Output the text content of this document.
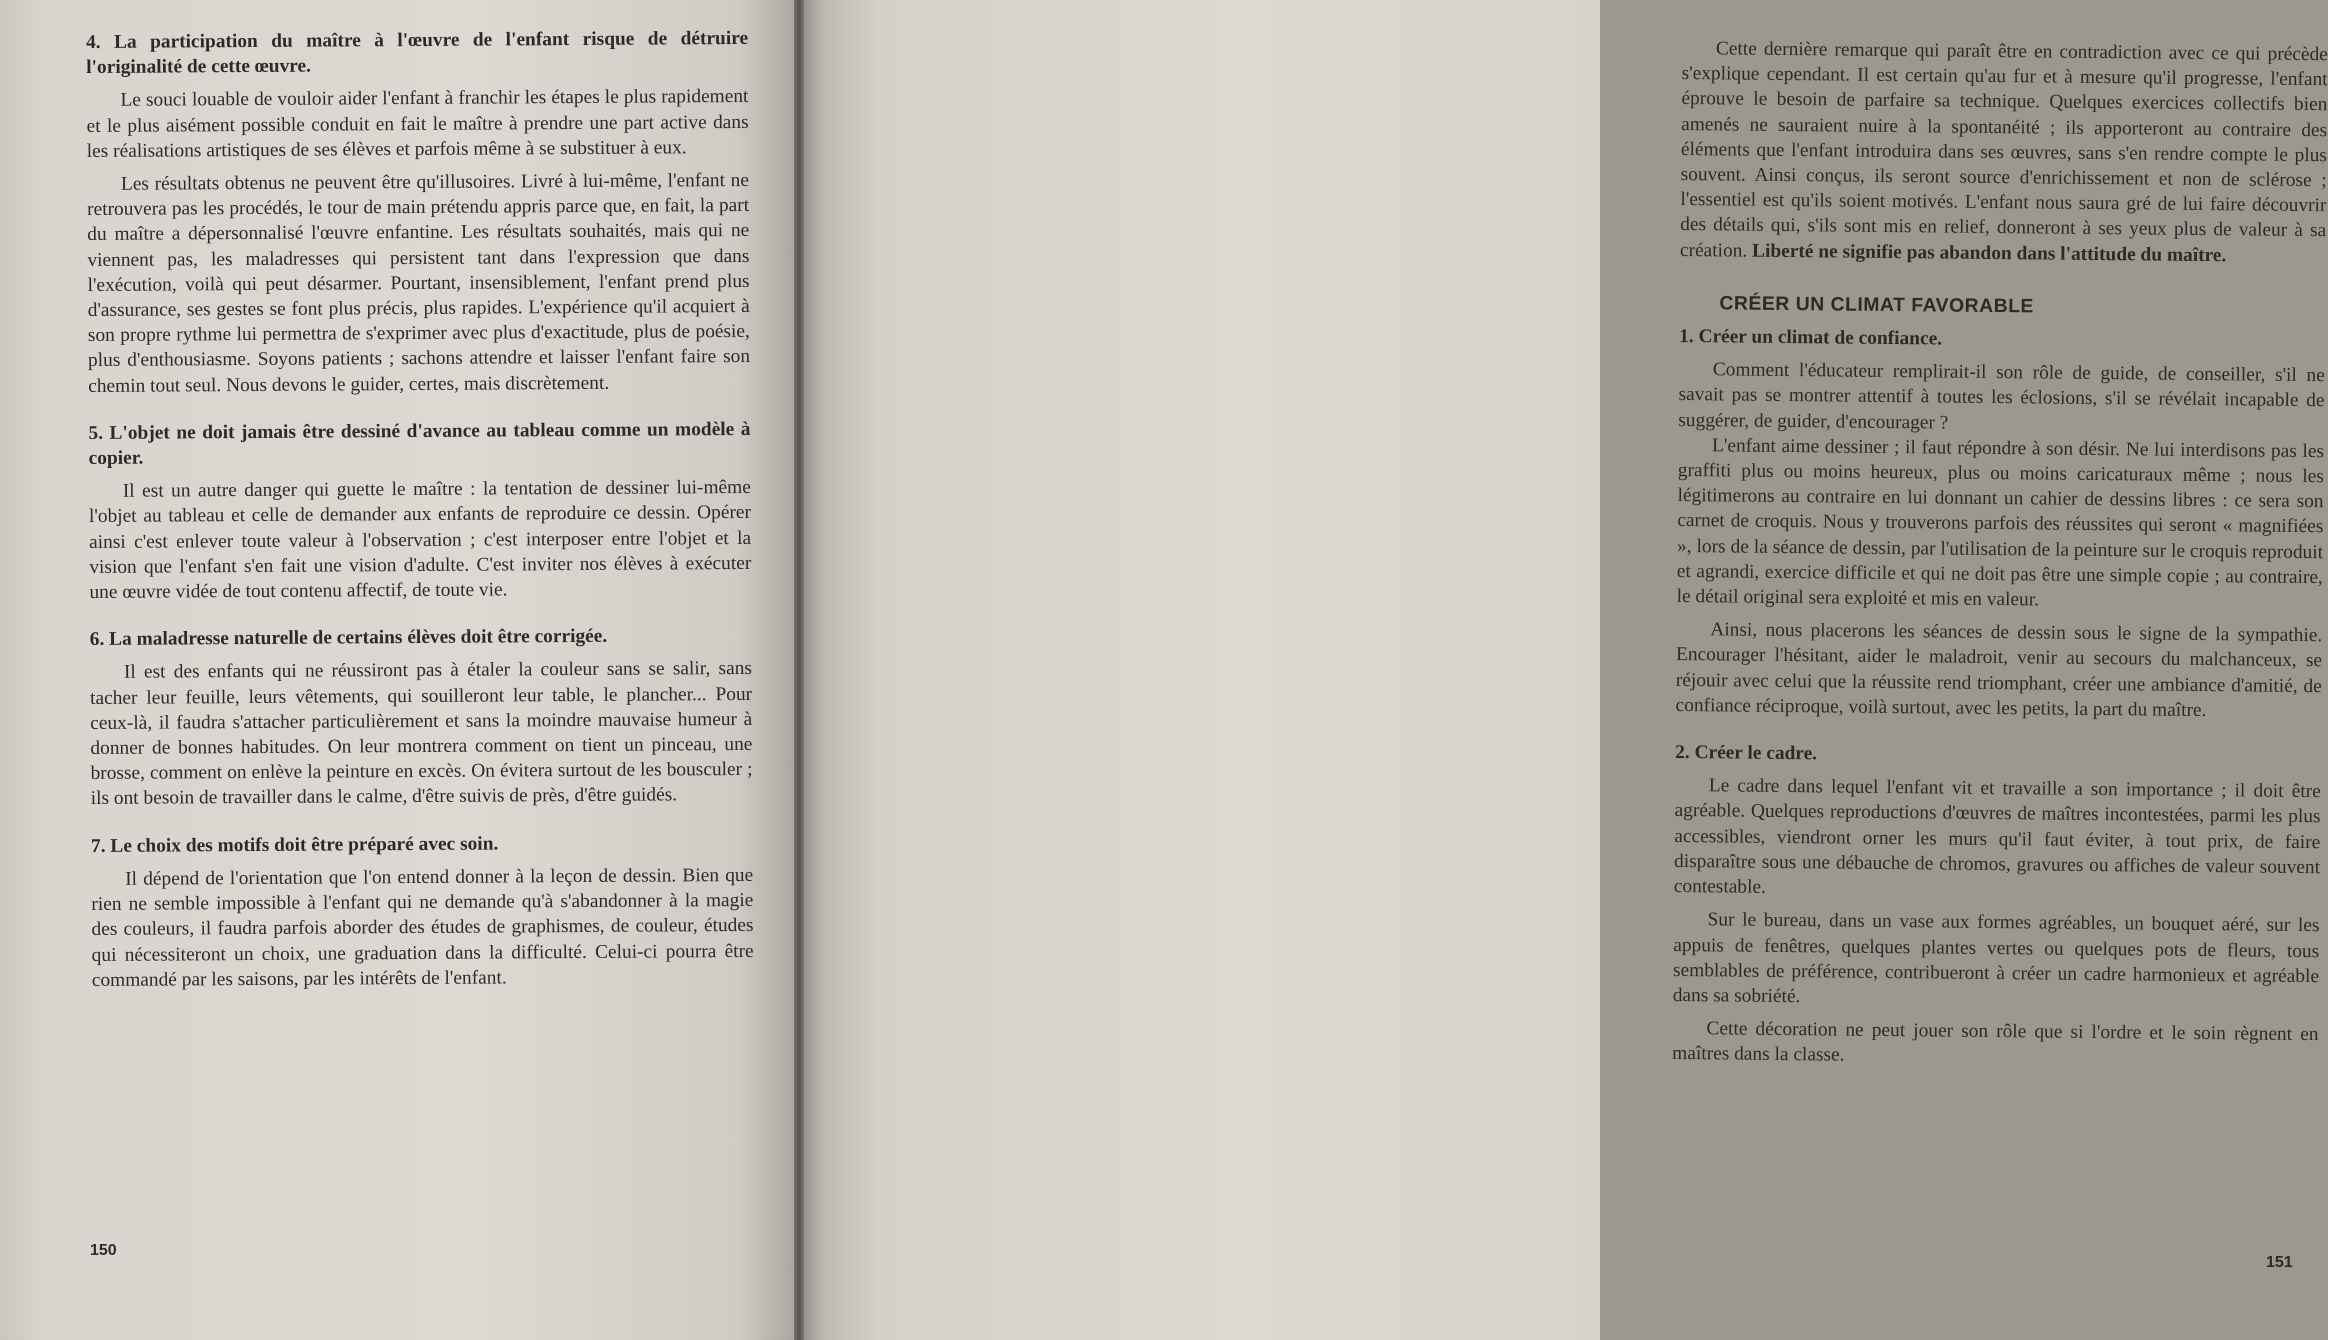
4. La participation du maître à l'œuvre de l'enfant risque de détruire l'originalité de cette œuvre.

Le souci louable de vouloir aider l'enfant à franchir les étapes le plus rapidement et le plus aisément possible conduit en fait le maître à prendre une part active dans les réalisations artistiques de ses élèves et parfois même à se substituer à eux.

Les résultats obtenus ne peuvent être qu'illusoires. Livré à lui-même, l'enfant ne retrouvera pas les procédés, le tour de main prétendu appris parce que, en fait, la part du maître a dépersonnalisé l'œuvre enfantine. Les résultats souhaités, mais qui ne viennent pas, les maladresses qui persistent tant dans l'expression que dans l'exécution, voilà qui peut désarmer. Pourtant, insensiblement, l'enfant prend plus d'assurance, ses gestes se font plus précis, plus rapides. L'expérience qu'il acquiert à son propre rythme lui permettra de s'exprimer avec plus d'exactitude, plus de poésie, plus d'enthousiasme. Soyons patients ; sachons attendre et laisser l'enfant faire son chemin tout seul. Nous devons le guider, certes, mais discrètement.

5. L'objet ne doit jamais être dessiné d'avance au tableau comme un modèle à copier.

Il est un autre danger qui guette le maître : la tentation de dessiner lui-même l'objet au tableau et celle de demander aux enfants de reproduire ce dessin. Opérer ainsi c'est enlever toute valeur à l'observation ; c'est interposer entre l'objet et la vision que l'enfant s'en fait une vision d'adulte. C'est inviter nos élèves à exécuter une œuvre vidée de tout contenu affectif, de toute vie.

6. La maladresse naturelle de certains élèves doit être corrigée.

Il est des enfants qui ne réussiront pas à étaler la couleur sans se salir, sans tacher leur feuille, leurs vêtements, qui souilleront leur table, le plancher... Pour ceux-là, il faudra s'attacher particulièrement et sans la moindre mauvaise humeur à donner de bonnes habitudes. On leur montrera comment on tient un pinceau, une brosse, comment on enlève la peinture en excès. On évitera surtout de les bousculer ; ils ont besoin de travailler dans le calme, d'être suivis de près, d'être guidés.

7. Le choix des motifs doit être préparé avec soin.

Il dépend de l'orientation que l'on entend donner à la leçon de dessin. Bien que rien ne semble impossible à l'enfant qui ne demande qu'à s'abandonner à la magie des couleurs, il faudra parfois aborder des études de graphismes, de couleur, études qui nécessiteront un choix, une graduation dans la difficulté. Celui-ci pourra être commandé par les saisons, par les intérêts de l'enfant.

150

Cette dernière remarque qui paraît être en contradiction avec ce qui précède s'explique cependant. Il est certain qu'au fur et à mesure qu'il progresse, l'enfant éprouve le besoin de parfaire sa technique. Quelques exercices collectifs bien amenés ne sauraient nuire à la spontanéité ; ils apporteront au contraire des éléments que l'enfant introduira dans ses œuvres, sans s'en rendre compte le plus souvent. Ainsi conçus, ils seront source d'enrichissement et non de sclérose ; l'essentiel est qu'ils soient motivés. L'enfant nous saura gré de lui faire découvrir des détails qui, s'ils sont mis en relief, donneront à ses yeux plus de valeur à sa création. Liberté ne signifie pas abandon dans l'attitude du maître.

CRÉER UN CLIMAT FAVORABLE

1. Créer un climat de confiance.

Comment l'éducateur remplirait-il son rôle de guide, de conseiller, s'il ne savait pas se montrer attentif à toutes les éclosions, s'il se révélait incapable de suggérer, de guider, d'encourager ?

L'enfant aime dessiner ; il faut répondre à son désir. Ne lui interdisons pas les graffiti plus ou moins heureux, plus ou moins caricaturaux même ; nous les légitimerons au contraire en lui donnant un cahier de dessins libres : ce sera son carnet de croquis. Nous y trouverons parfois des réussites qui seront « magnifiées », lors de la séance de dessin, par l'utilisation de la peinture sur le croquis reproduit et agrandi, exercice difficile et qui ne doit pas être une simple copie ; au contraire, le détail original sera exploité et mis en valeur.

Ainsi, nous placerons les séances de dessin sous le signe de la sympathie. Encourager l'hésitant, aider le maladroit, venir au secours du malchanceux, se réjouir avec celui que la réussite rend triomphant, créer une ambiance d'amitié, de confiance réciproque, voilà surtout, avec les petits, la part du maître.

2. Créer le cadre.

Le cadre dans lequel l'enfant vit et travaille a son importance ; il doit être agréable. Quelques reproductions d'œuvres de maîtres incontestées, parmi les plus accessibles, viendront orner les murs qu'il faut éviter, à tout prix, de faire disparaître sous une débauche de chromos, gravures ou affiches de valeur souvent contestable.

Sur le bureau, dans un vase aux formes agréables, un bouquet aéré, sur les appuis de fenêtres, quelques plantes vertes ou quelques pots de fleurs, tous semblables de préférence, contribueront à créer un cadre harmonieux et agréable dans sa sobriété.

Cette décoration ne peut jouer son rôle que si l'ordre et le soin règnent en maîtres dans la classe.

151
